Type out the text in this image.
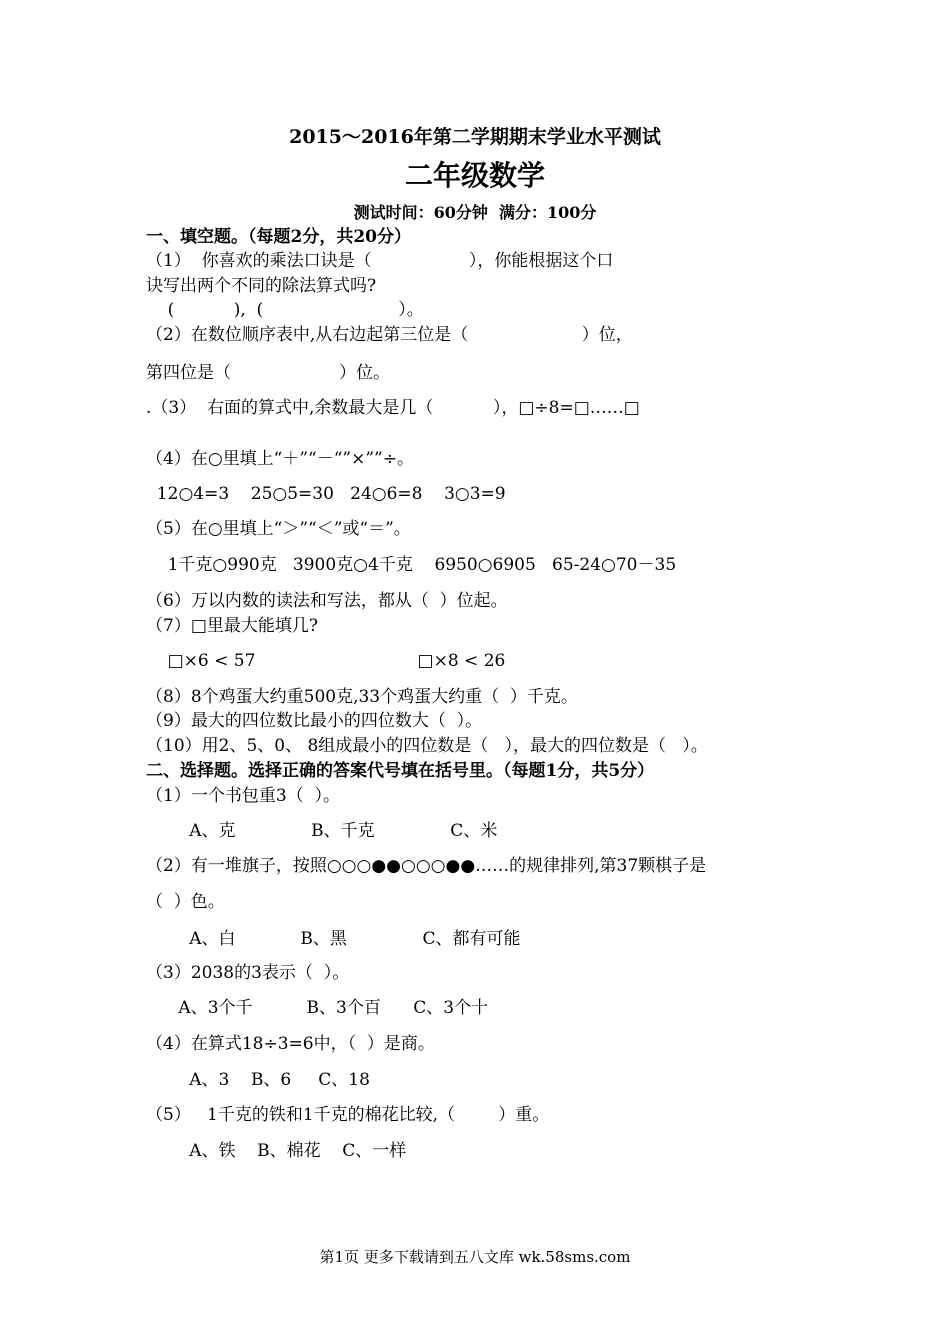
2015～2016年第二学期期末学业水平测试
二年级数学
测试时间：60分钟  满分：100分
一、填空题。（每题2分，共20分）
（1）  你喜欢的乘法口诀是（                  ），你能根据这个口
诀写出两个不同的除法算式吗?
(           ),  (                         ）。
（2）在数位顺序表中,从右边起第三位是（                     ）位，
第四位是（                    ）位。
.（3）  右面的算式中,余数最大是几（           ），□÷8=□……□
（4）在○里填上“＋”“－“”×””÷。
12○4=3    25○5=30   24○6=8    3○3=9
（5）在○里填上“＞”“＜”或“＝”。
1千克○990克   3900克○4千克    6950○6905   65-24○70－35
（6）万以内数的读法和写法，都从（  ）位起。
（7）□里最大能填几?
□×6 < 57                              □×8 < 26
（8）8个鸡蛋大约重500克,33个鸡蛋大约重（  ）千克。
（9）最大的四位数比最小的四位数大（  ）。
（10）用2、5、0、 8组成最小的四位数是（   ），最大的四位数是（   ）。
二、选择题。选择正确的答案代号填在括号里。（每题1分，共5分）
（1）一个书包重3（  ）。
A、克              B、千克              C、米
（2）有一堆旗子，按照○○○●●○○○●●……的规律排列,第37颗棋子是
（  ）色。
A、白            B、黑              C、都有可能
（3）2038的3表示（  ）。
A、3个千          B、3个百      C、3个十
（4）在算式18÷3=6中，（  ）是商。
A、3    B、6     C、18
（5）   1千克的铁和1千克的棉花比较,（        ）重。
A、铁    B、棉花    C、一样
第1页 更多下载请到五八文库 wk.58sms.com
